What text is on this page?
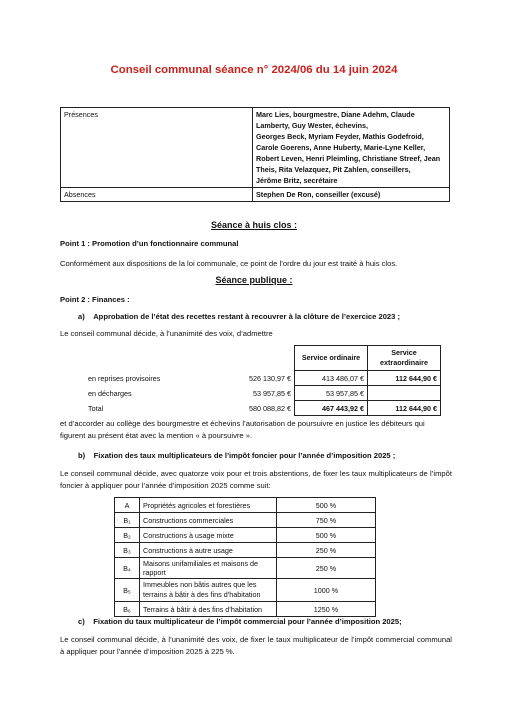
Conseil communal séance n° 2024/06 du 14 juin 2024
Présences	Marc Lies, bourgmestre, Diane Adehm, Claude Lamberty, Guy Wester, échevins,
Georges Beck, Myriam Feyder, Mathis Godefroid, Carole Goerens, Anne Huberty, Marie-Lyne Keller, Robert Leven, Henri Pleimling, Christiane Streef, Jean Theis, Rita Velazquez, Pit Zahlen, conseillers,
Jérôme Britz, secrétaire

Absences	Stephen De Ron, conseiller (excusé)
Séance à huis clos :
Point 1 : Promotion d’un fonctionnaire communal
Conformément aux dispositions de la loi communale, ce point de l’ordre du jour est traité à huis clos.
Séance publique :
Point 2 : Finances :
a)    Approbation de l’état des recettes restant à recouvrer à la clôture de l’exercice 2023 ;
Le conseil communal décide, à l’unanimité des voix, d’admettre
		Service ordinaire	Service extraordinaire
en reprises provisoires	526 130,97 €	413 486,07 €	112 644,90 €
en décharges	53 957,85 €	53 957,85 €	
Total	580 088,82 €	467 443,92 €	112 644,90 €
et d’accorder au collège des bourgmestre et échevins l’autorisation de poursuivre en justice les débiteurs qui figurent au présent état avec la mention « à poursuivre ».
b)    Fixation des taux multiplicateurs de l’impôt foncier pour l’année d’imposition 2025 ;
Le conseil communal décide, avec quatorze voix pour et trois abstentions, de fixer les taux multiplicateurs de l’impôt foncier à appliquer pour l’année d’imposition 2025 comme suit:
A	Propriétés agricoles et forestières	500 %
B₁	Constructions commerciales	750 %
B₂	Constructions à usage mixte	500 %
B₃	Constructions à autre usage	250 %
B₄	Maisons unifamiliales et maisons de rapport	250 %
B₅	Immeubles non bâtis autres que les terrains à bâtir à des fins d’habitation	1000 %
B₆	Terrains à bâtir à des fins d’habitation	1250 %
c)    Fixation du taux multiplicateur de l’impôt commercial pour l’année d’imposition 2025;
Le conseil communal décide, à l’unanimité des voix, de fixer le taux multiplicateur de l’impôt commercial communal à appliquer pour l’année d’imposition 2025 à 225 %.
